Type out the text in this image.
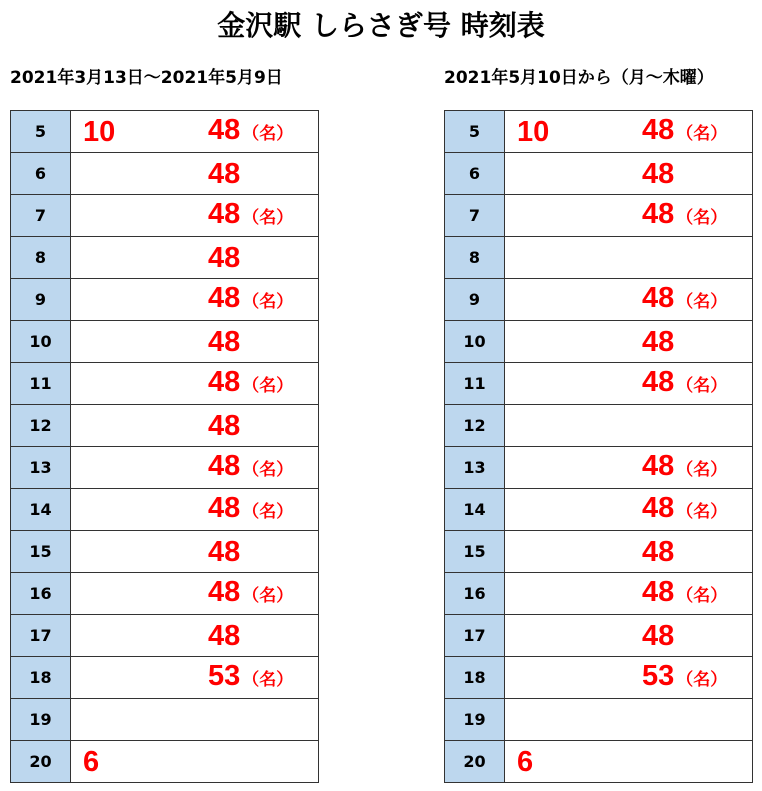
金沢駅 しらさぎ号 時刻表
2021年3月13日～2021年5月9日	2021年5月10日から（月～木曜）
5	10 48 （名）

6	48

7	48 （名）

8	48

9	48 （名）

10	48

11	48 （名）

12	48

13	48 （名）

14	48 （名）

15	48

16	48 （名）

17	48

18	53 （名）

19	
20	6
5	10 48 （名）

6	48

7	48 （名）

8	
9	48 （名）

10	48

11	48 （名）

12	
13	48 （名）

14	48 （名）

15	48

16	48 （名）

17	48

18	53 （名）

19	
20	6
